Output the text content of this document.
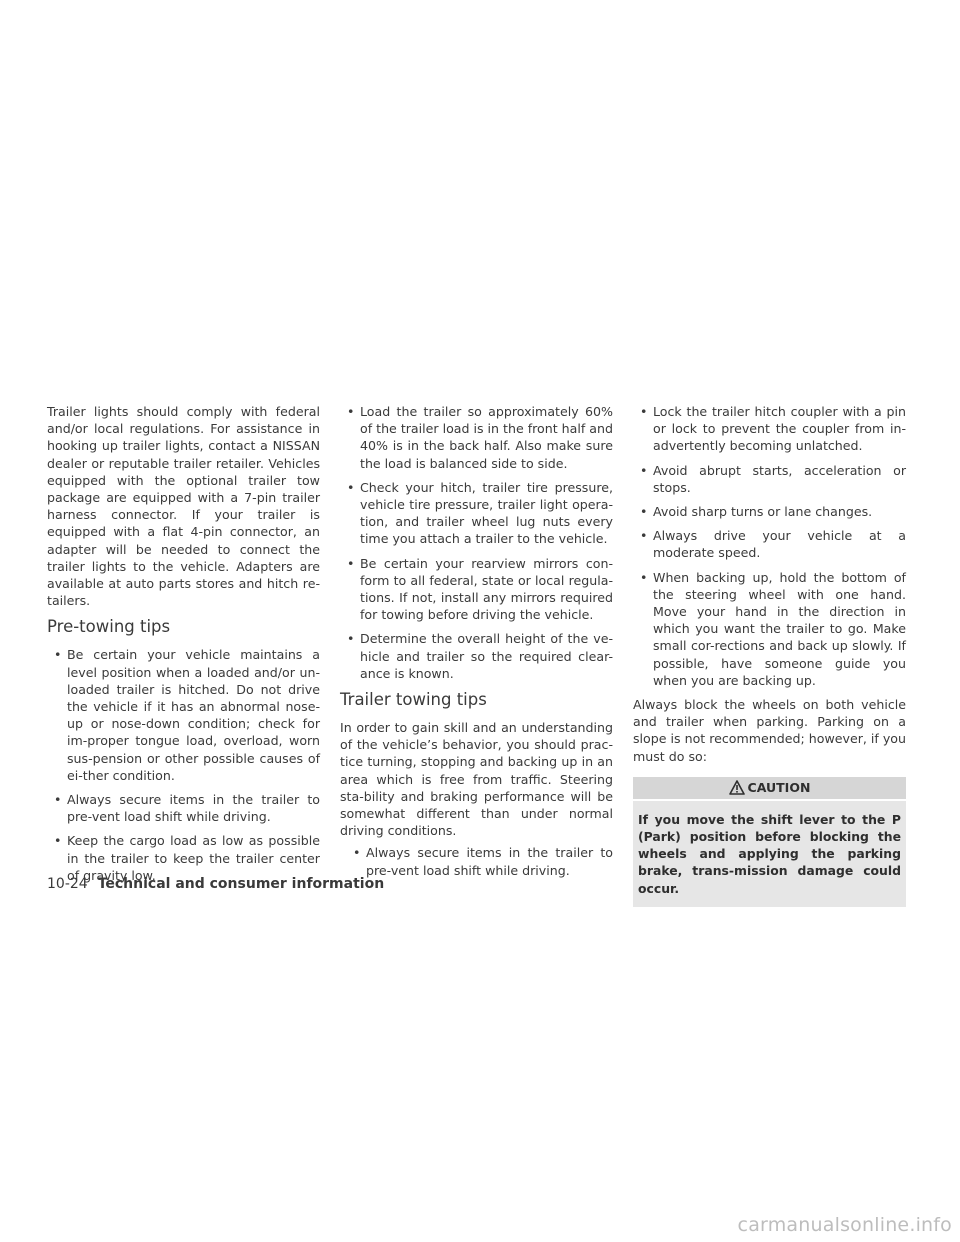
Trailer lights should comply with federal and/or local regulations. For assistance in hooking up trailer lights, contact a NISSAN dealer or reputable trailer retailer. Vehicles equipped with the optional trailer tow package are equipped with a 7-pin trailer harness connector. If your trailer is equipped with a flat 4-pin connector, an adapter will be needed to connect the trailer lights to the vehicle. Adapters are available at auto parts stores and hitch re-tailers.

Pre-towing tips
• Be certain your vehicle maintains a level position when a loaded and/or un-loaded trailer is hitched. Do not drive the vehicle if it has an abnormal nose-up or nose-down condition; check for im-proper tongue load, overload, worn sus-pension or other possible causes of ei-ther condition.
• Always secure items in the trailer to pre-vent load shift while driving.
• Keep the cargo load as low as possible in the trailer to keep the trailer center of gravity low.
• Load the trailer so approximately 60% of the trailer load is in the front half and 40% is in the back half. Also make sure the load is balanced side to side.
• Check your hitch, trailer tire pressure, vehicle tire pressure, trailer light opera-tion, and trailer wheel lug nuts every time you attach a trailer to the vehicle.
• Be certain your rearview mirrors con-form to all federal, state or local regula-tions. If not, install any mirrors required for towing before driving the vehicle.
• Determine the overall height of the ve-hicle and trailer so the required clear-ance is known.
Trailer towing tips

In order to gain skill and an understanding of the vehicle’s behavior, you should prac-tice turning, stopping and backing up in an area which is free from traffic. Steering sta-bility and braking performance will be somewhat different than under normal driving conditions.

• Always secure items in the trailer to pre-vent load shift while driving.
• Lock the trailer hitch coupler with a pin or lock to prevent the coupler from in-advertently becoming unlatched.
• Avoid abrupt starts, acceleration or stops.
• Avoid sharp turns or lane changes.
• Always drive your vehicle at a moderate speed.
• When backing up, hold the bottom of the steering wheel with one hand. Move your hand in the direction in which you want the trailer to go. Make small cor-rections and back up slowly. If possible, have someone guide you when you are backing up.

Always block the wheels on both vehicle and trailer when parking. Parking on a slope is not recommended; however, if you must do so:

CAUTION

If you move the shift lever to the P (Park) position before blocking the wheels and applying the parking brake, trans-mission damage could occur.

10-24 Technical and consumer information
carmanualsonline.info
